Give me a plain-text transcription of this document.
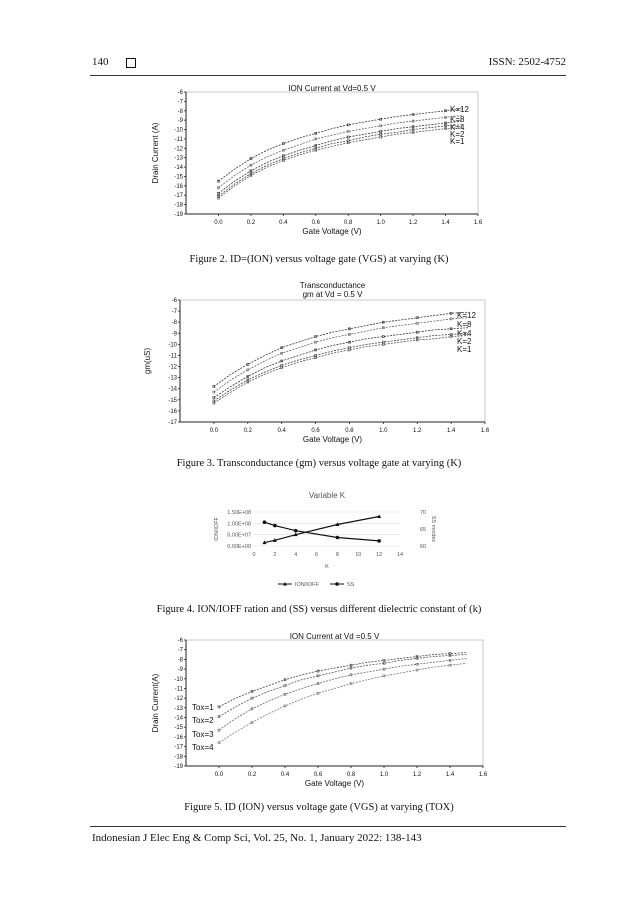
140	ISSN: 2502-4752
-6
-7
-8
-9
-10
-11
-12
-13
-14
-15
-16
-17
-18
-19
0.0	0.2	0.4	0.6	0.8	1.0	1.2	1.4	1.6
ION Current at Vd=0.5 V
Gate Voltage (V)
Drain Current (A)
K=12
K=8
K=4
K=2
K=1
Figure 2. ID=(ION) versus voltage gate (VGS) at varying (K)
-6
-7
-8
-9
-10
-11
-12
-13
-14
-15
-16
-17
0.0	0.2	0.4	0.6	0.8	1.0	1.2	1.4	1.6
Transconductance
gm at Vd = 0.5 V
Gate Voltage (V)
gm(uS)
K=12
K=8
K=4
K=2
K=1
Figure 3. Transconductance (gm) versus voltage gate at varying (K)
Variable K
0.00E+00
5.00E+07
1.00E+08
1.50E+08
60
65
70
0	2	4	6	8	10	12	14
K
ION/IOFF	SS mv/dec
ION/IOFF	SS
Figure 4. ION/IOFF ration and (SS) versus different dielectric constant of (k)
-6
-7
-8
-9
-10
-11
-12
-13
-14
-15
-16
-17
-18
-19
0.0	0.2	0.4	0.6	0.8	1.0	1.2	1.4	1.6
ION Current at Vd =0.5 V
Gate Voltage (V)
Drain Current(A)	Tox=1
Tox=2
Tox=3
Tox=4
Figure 5. ID (ION) versus voltage gate (VGS) at varying (TOX)
Indonesian J Elec Eng & Comp Sci, Vol. 25, No. 1, January 2022: 138-143
